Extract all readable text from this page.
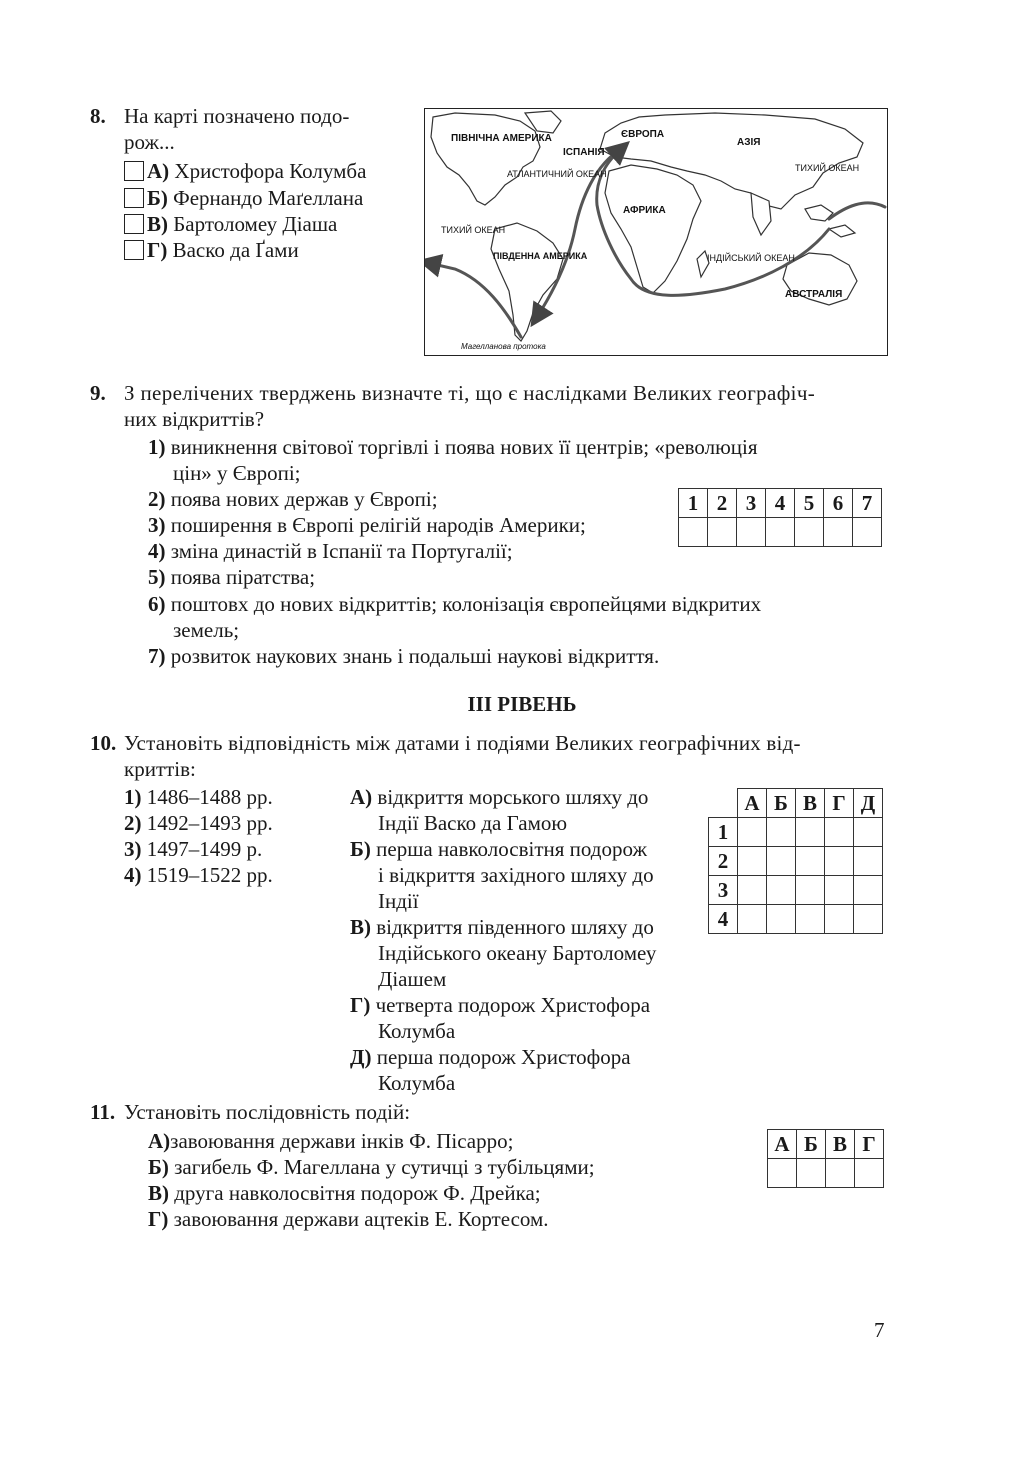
8. На карті позначено подо-
рож...
А) Христофора Колумба
Б) Фернандо Маґеллана
В) Бартоломеу Діаша
Г) Васко да Ґами
ПІВНІЧНА АМЕРИКА
ІСПАНІЯ
ЄВРОПА
АЗІЯ
АФРИКА
АВСТРАЛІЯ
АТЛАНТИЧНИЙ ОКЕАН
ТИХИЙ ОКЕАН
ТИХИЙ ОКЕАН
ІНДІЙСЬКИЙ ОКЕАН
ПІВДЕННА АМЕРИКА
Магелланова протока
9. З перелічених тверджень визначте ті, що є наслідками Великих географіч-
них відкриттів?
1) виникнення світової торгівлі і поява нових її центрів; «революція
цін» у Європі;
2) поява нових держав у Європі;
3) поширення в Європі релігій народів Америки;
4) зміна династій в Іспанії та Португалії;
5) поява піратства;
6) поштовх до нових відкриттів; колонізація європейцями відкритих
земель;
7) розвиток наукових знань і подальші наукові відкриття.
1	2	3	4	5	6	7

ІІІ РІВЕНЬ
10. Установіть відповідність між датами і подіями Великих географічних від-
криттів:
1) 1486–1488 рр.
2) 1492–1493 рр.
3) 1497–1499 р.
4) 1519–1522 рр.
А) відкриття морського шляху до
Індії Васко да Гамою
Б) перша навколосвітня подорож
і відкриття західного шляху до
Індії
В) відкриття південного шляху до
Індійського океану Бартоломеу
Діашем
Г) четверта подорож Христофора
Колумба
Д) перша подорож Христофора
Колумба
	А	Б	В	Г	Д
1					
2					
3					
4					
11. Установіть послідовність подій:
А)завоювання держави інків Ф. Пісарро;
Б) загибель Ф. Магеллана у сутичці з тубільцями;
В) друга навколосвітня подорож Ф. Дрейка;
Г) завоювання держави ацтеків Е. Кортесом.
А	Б	В	Г

7
